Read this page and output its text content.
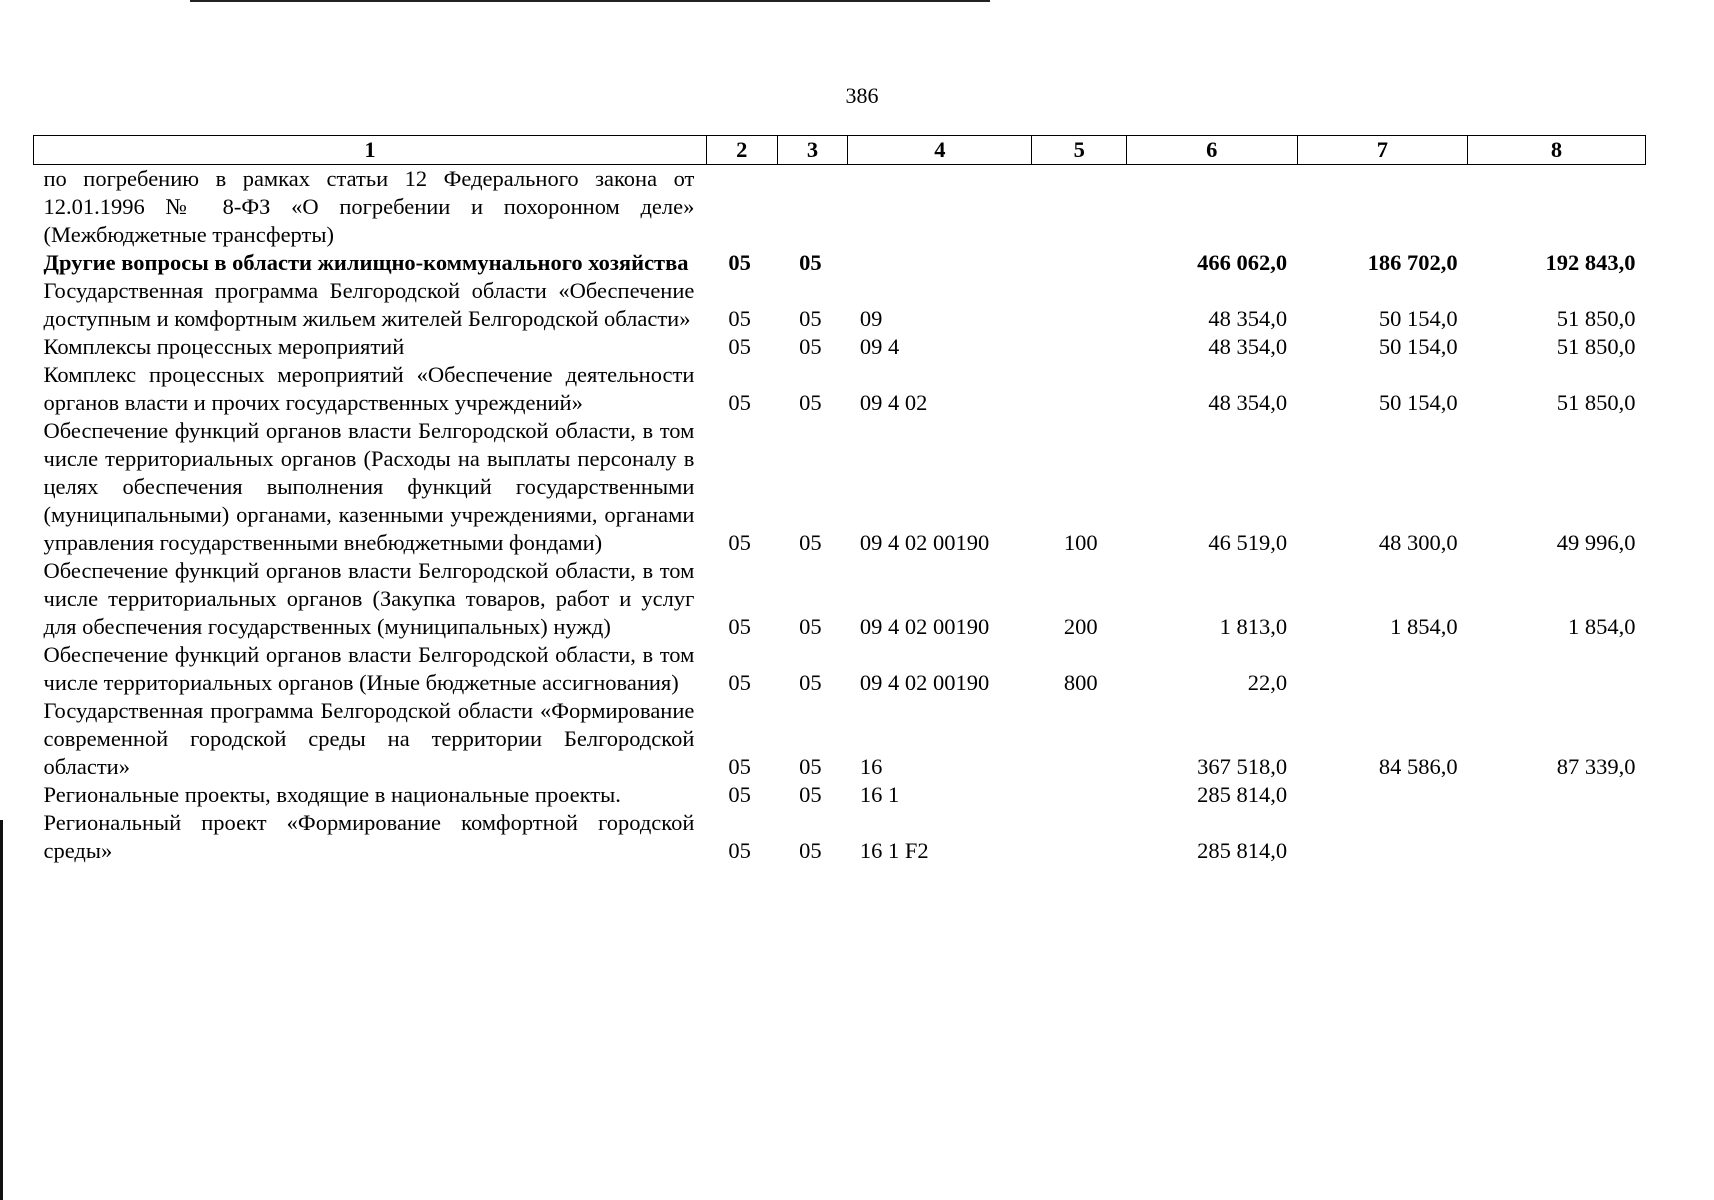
386
1	2	3	4	5	6	7	8
по погребению в рамках статьи 12 Федерального закона от 12.01.1996 № 8-ФЗ «О погребении и похоронном деле» (Межбюджетные трансферты)							
Другие вопросы в области жилищно-коммунального хозяйства	05	05			466 062,0	186 702,0	192 843,0
Государственная программа Белгородской области «Обеспечение доступным и комфортным жильем жителей Белгородской области»	05	05	09		48 354,0	50 154,0	51 850,0
Комплексы процессных мероприятий	05	05	09 4		48 354,0	50 154,0	51 850,0
Комплекс процессных мероприятий «Обеспечение деятельности органов власти и прочих государственных учреждений»	05	05	09 4 02		48 354,0	50 154,0	51 850,0
Обеспечение функций органов власти Белгородской области, в том числе территориальных органов (Расходы на выплаты персоналу в целях обеспечения выполнения функций государственными (муниципальными) органами, казенными учреждениями, органами управления государственными внебюджетными фондами)	05	05	09 4 02 00190	100	46 519,0	48 300,0	49 996,0
Обеспечение функций органов власти Белгородской области, в том числе территориальных органов (Закупка товаров, работ и услуг для обеспечения государственных (муниципальных) нужд)	05	05	09 4 02 00190	200	1 813,0	1 854,0	1 854,0
Обеспечение функций органов власти Белгородской области, в том числе территориальных органов (Иные бюджетные ассигнования)	05	05	09 4 02 00190	800	22,0		
Государственная программа Белгородской области «Формирование современной городской среды на территории Белгородской области»	05	05	16		367 518,0	84 586,0	87 339,0
Региональные проекты, входящие в национальные проекты.	05	05	16 1		285 814,0		
Региональный проект «Формирование комфортной городской среды»	05	05	16 1 F2		285 814,0		
